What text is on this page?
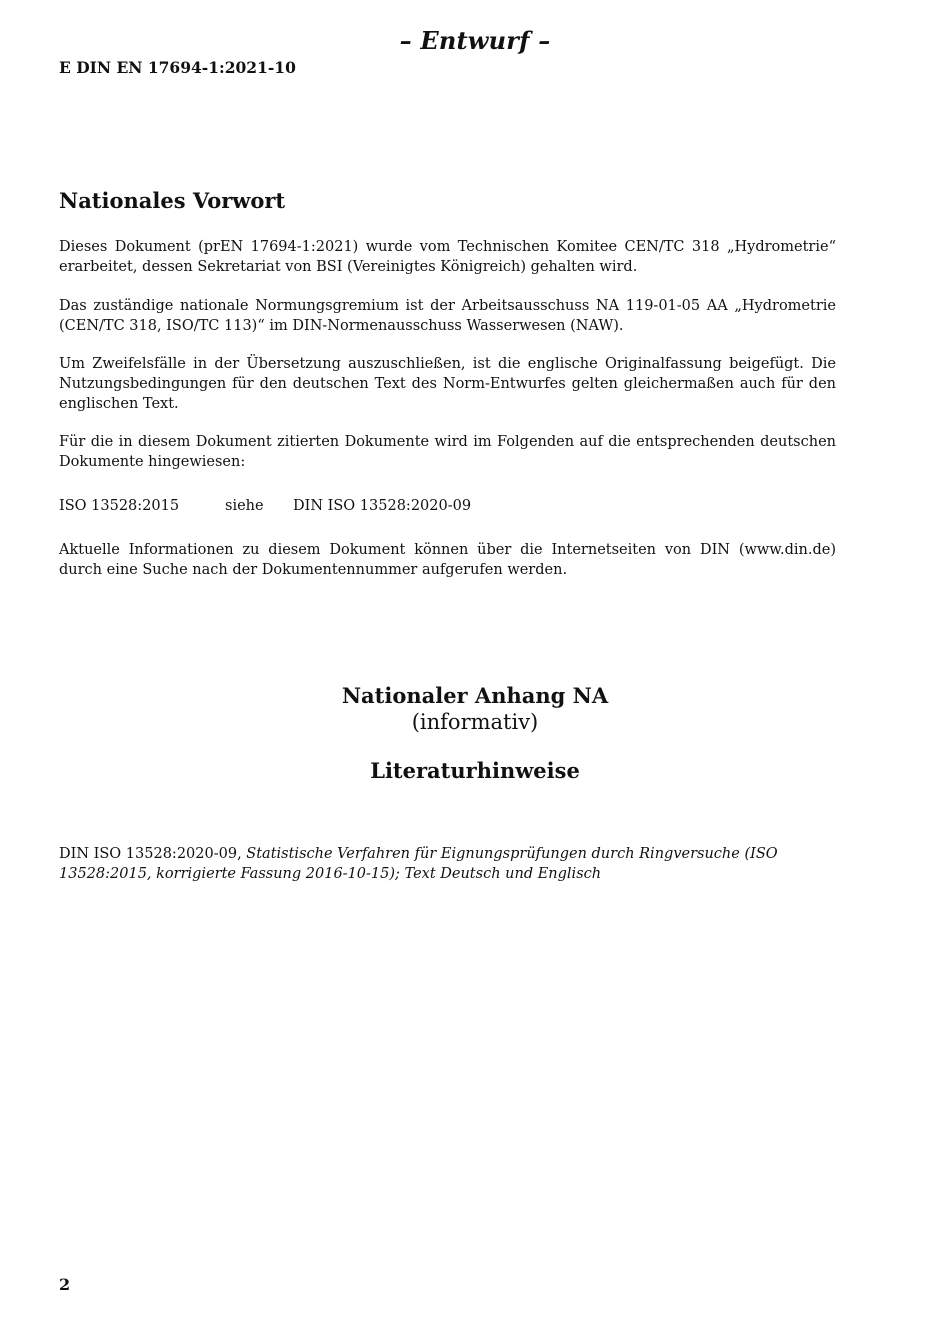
– Entwurf –
E DIN EN 17694-1:2021-10
Nationales Vorwort
Dieses Dokument (prEN 17694-1:2021) wurde vom Technischen Komitee CEN/TC 318 „Hydrometrie“ erarbeitet, dessen Sekretariat von BSI (Vereinigtes Königreich) gehalten wird.
Das zuständige nationale Normungsgremium ist der Arbeitsausschuss NA 119-01-05 AA „Hydrometrie (CEN/TC 318, ISO/TC 113)“ im DIN-Normenausschuss Wasserwesen (NAW).
Um Zweifelsfälle in der Übersetzung auszuschließen, ist die englische Originalfassung beigefügt. Die Nutzungsbedingungen für den deutschen Text des Norm-Entwurfes gelten gleichermaßen auch für den englischen Text.
Für die in diesem Dokument zitierten Dokumente wird im Folgenden auf die entsprechenden deutschen Dokumente hingewiesen:
ISO 13528:2015	siehe DIN ISO 13528:2020-09
Aktuelle Informationen zu diesem Dokument können über die Internetseiten von DIN (www.din.de) durch eine Suche nach der Dokumentennummer aufgerufen werden.
Nationaler Anhang NA
(informativ)
Literaturhinweise
DIN ISO 13528:2020-09, Statistische Verfahren für Eignungsprüfungen durch Ringversuche (ISO 13528:2015, korrigierte Fassung 2016-10-15); Text Deutsch und Englisch
2
